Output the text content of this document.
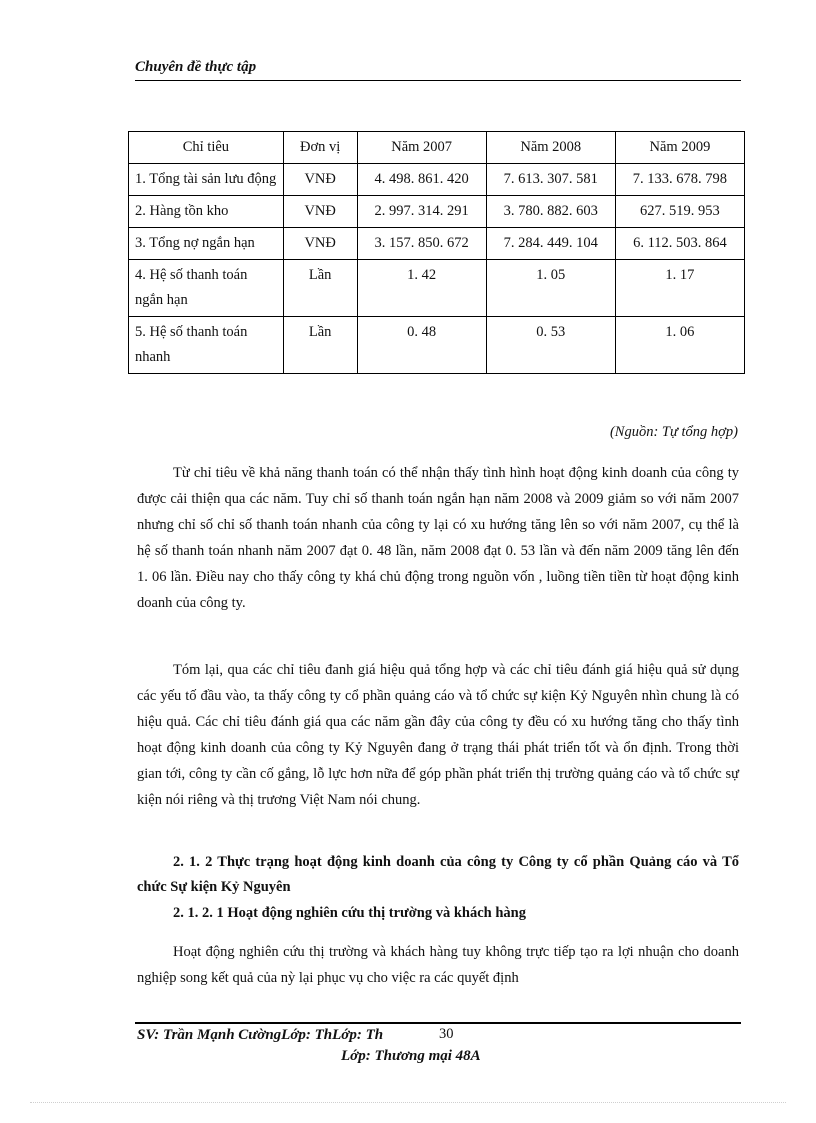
Chuyên đề thực tập
Chỉ tiêu	Đơn vị	Năm 2007	Năm 2008	Năm 2009
1. Tổng tài sản lưu động	VNĐ	4. 498. 861. 420	7. 613. 307. 581	7. 133. 678. 798
2. Hàng tồn kho	VNĐ	2. 997. 314. 291	3. 780. 882. 603	627. 519. 953
3. Tổng nợ ngắn hạn	VNĐ	3. 157. 850. 672	7. 284. 449. 104	6. 112. 503. 864
4. Hệ số thanh toán ngắn hạn	Lần	1. 42	1. 05	1. 17
5. Hệ số thanh toán nhanh	Lần	0. 48	0. 53	1. 06
(Nguồn: Tự tổng hợp)

Từ chỉ tiêu về khả năng thanh toán có thể nhận thấy tình hình hoạt động kinh doanh của công ty được cải thiện qua các năm. Tuy chỉ số thanh toán ngắn hạn năm 2008 và 2009 giảm so với năm 2007 nhưng chỉ số chỉ số thanh toán nhanh của công ty lại có xu hướng tăng lên so với năm 2007, cụ thể là hệ số thanh toán nhanh năm 2007 đạt 0. 48 lần, năm 2008 đạt 0. 53 lần và đến năm 2009 tăng lên đến 1. 06 lần. Điều nay cho thấy công ty khá chủ động trong nguồn vốn , luồng tiền tiền từ hoạt động kinh doanh của công ty.

Tóm lại, qua các chỉ tiêu đanh giá hiệu quả tổng hợp và các chỉ tiêu đánh giá hiệu quả sử dụng các yếu tố đầu vào, ta thấy công ty cổ phần quảng cáo và tổ chức sự kiện Kỷ Nguyên nhìn chung là có hiệu quả. Các chỉ tiêu đánh giá qua các năm gần đây của công ty đều có xu hướng tăng cho thấy tình hoạt động kinh doanh của công ty Kỷ Nguyên đang ở trạng thái phát triển tốt và ổn định. Trong thời gian tới, công ty cần cố gắng, lỗ lực hơn nữa để góp phần phát triển thị trường quảng cáo và tổ chức sự kiện nói riêng và thị trương Việt Nam nói chung.

2. 1. 2 Thực trạng hoạt động kinh doanh của công ty Công ty cổ phần Quảng cáo và Tổ chức Sự kiện Kỷ Nguyên

2. 1. 2. 1 Hoạt động nghiên cứu thị trường và khách hàng

Hoạt động nghiên cứu thị trường và khách hàng tuy không trực tiếp tạo ra lợi nhuận cho doanh nghiệp song kết quả của nỳ lại phục vụ cho việc ra các quyết định

SV: Trần Mạnh CườngLớp: ThLớp: Th	30
Lớp: Thương mại 48A
